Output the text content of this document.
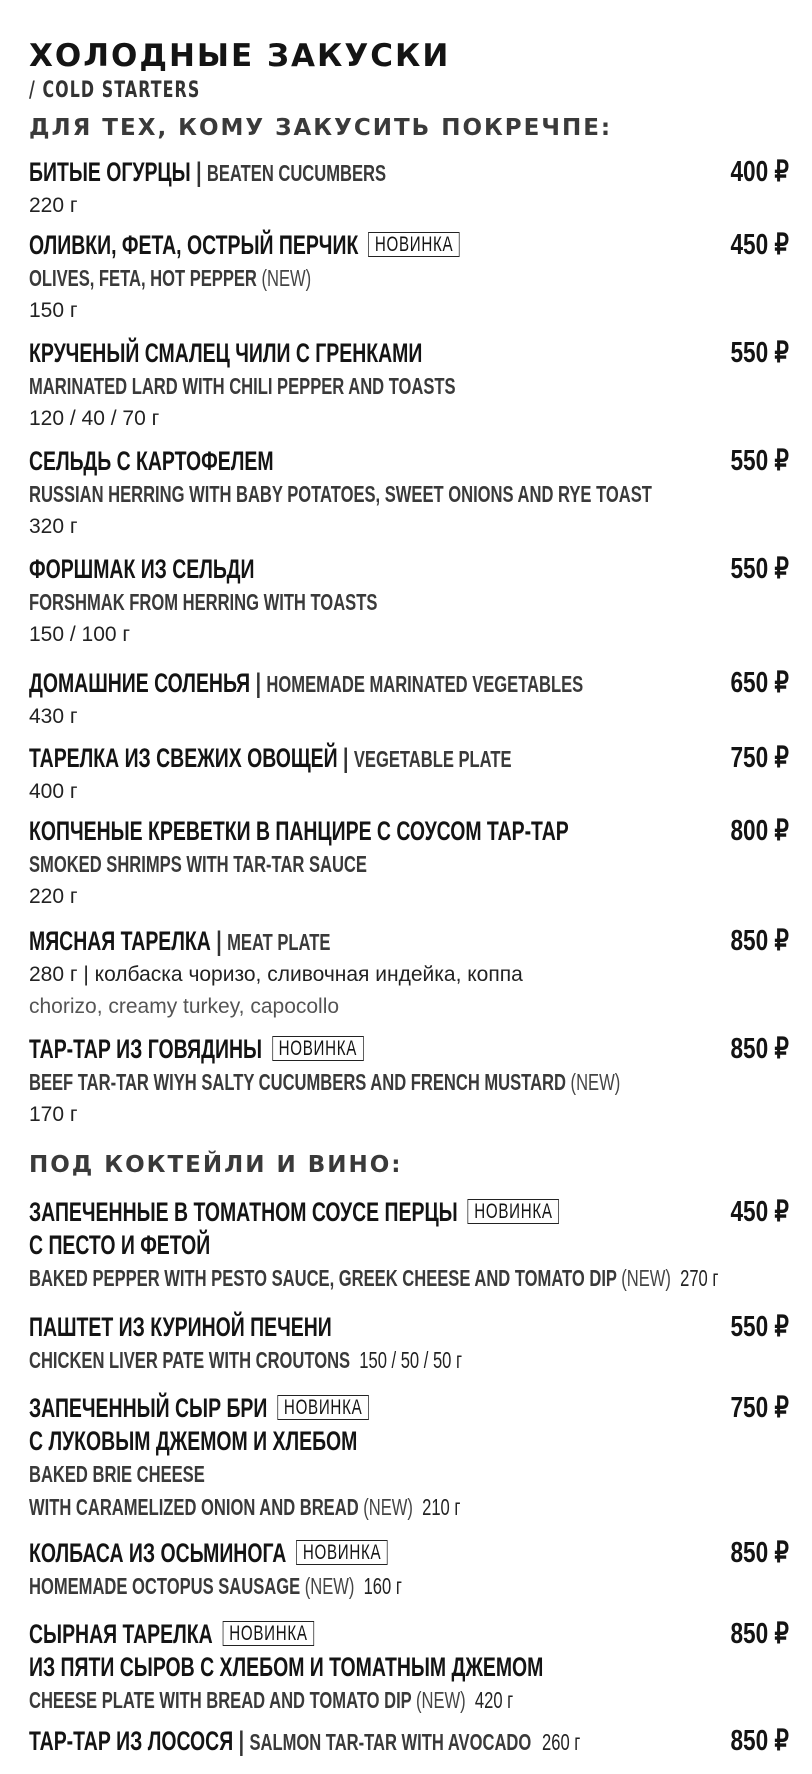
ХОЛОДНЫЕ ЗАКУСКИ
/ COLD STARTERS
ДЛЯ ТЕХ, КОМУ ЗАКУСИТЬ ПОКРЕЧПЕ:
БИТЫЕ ОГУРЦЫ | BEATEN CUCUMBERS
220 г
400 ₽
ОЛИВКИ, ФЕТА, ОСТРЫЙ ПЕРЧИК НОВИНКА
OLIVES, FETA, HOT PEPPER (NEW)
150 г
450 ₽
КРУЧЕНЫЙ СМАЛЕЦ ЧИЛИ С ГРЕНКАМИ
MARINATED LARD WITH CHILI PEPPER AND TOASTS
120 / 40 / 70 г
550 ₽
СЕЛЬДЬ С КАРТОФЕЛЕМ
RUSSIAN HERRING WITH BABY POTATOES, SWEET ONIONS AND RYE TOAST
320 г
550 ₽
ФОРШМАК ИЗ СЕЛЬДИ
FORSHMAK FROM HERRING WITH TOASTS
150 / 100 г
550 ₽
ДОМАШНИЕ СОЛЕНЬЯ | HOMEMADE MARINATED VEGETABLES
430 г
650 ₽
ТАРЕЛКА ИЗ СВЕЖИХ ОВОЩЕЙ | VEGETABLE PLATE
400 г
750 ₽
КОПЧЕНЫЕ КРЕВЕТКИ В ПАНЦИРЕ С СОУСОМ ТАР-ТАР
SMOKED SHRIMPS WITH TAR-TAR SAUCE
220 г
800 ₽
МЯСНАЯ ТАРЕЛКА | MEAT PLATE
280 г | колбаска чоризо, сливочная индейка, коппа
chorizo, creamy turkey, capocollo
850 ₽
ТАР-ТАР ИЗ ГОВЯДИНЫ НОВИНКА
BEEF TAR-TAR WIYH SALTY CUCUMBERS AND FRENCH MUSTARD (NEW)
170 г
850 ₽
ПОД КОКТЕЙЛИ И ВИНО:
ЗАПЕЧЕННЫЕ В ТОМАТНОМ СОУСЕ ПЕРЦЫ НОВИНКА
С ПЕСТО И ФЕТОЙ
BAKED PEPPER WITH PESTO SAUCE, GREEK CHEESE AND TOMATO DIP (NEW) 270 г
450 ₽
ПАШТЕТ ИЗ КУРИНОЙ ПЕЧЕНИ
CHICKEN LIVER PATE WITH CROUTONS 150 / 50 / 50 г
550 ₽
ЗАПЕЧЕННЫЙ СЫР БРИ НОВИНКА
С ЛУКОВЫМ ДЖЕМОМ И ХЛЕБОМ
BAKED BRIE CHEESE
WITH CARAMELIZED ONION AND BREAD (NEW) 210 г
750 ₽
КОЛБАСА ИЗ ОСЬМИНОГА НОВИНКА
HOMEMADE OCTOPUS SAUSAGE (NEW) 160 г
850 ₽
СЫРНАЯ ТАРЕЛКА НОВИНКА
ИЗ ПЯТИ СЫРОВ С ХЛЕБОМ И ТОМАТНЫМ ДЖЕМОМ
CHEESE PLATE WITH BREAD AND TOMATO DIP (NEW) 420 г
850 ₽
ТАР-ТАР ИЗ ЛОСОСЯ | SALMON TAR-TAR WITH AVOCADO 260 г	850 ₽
